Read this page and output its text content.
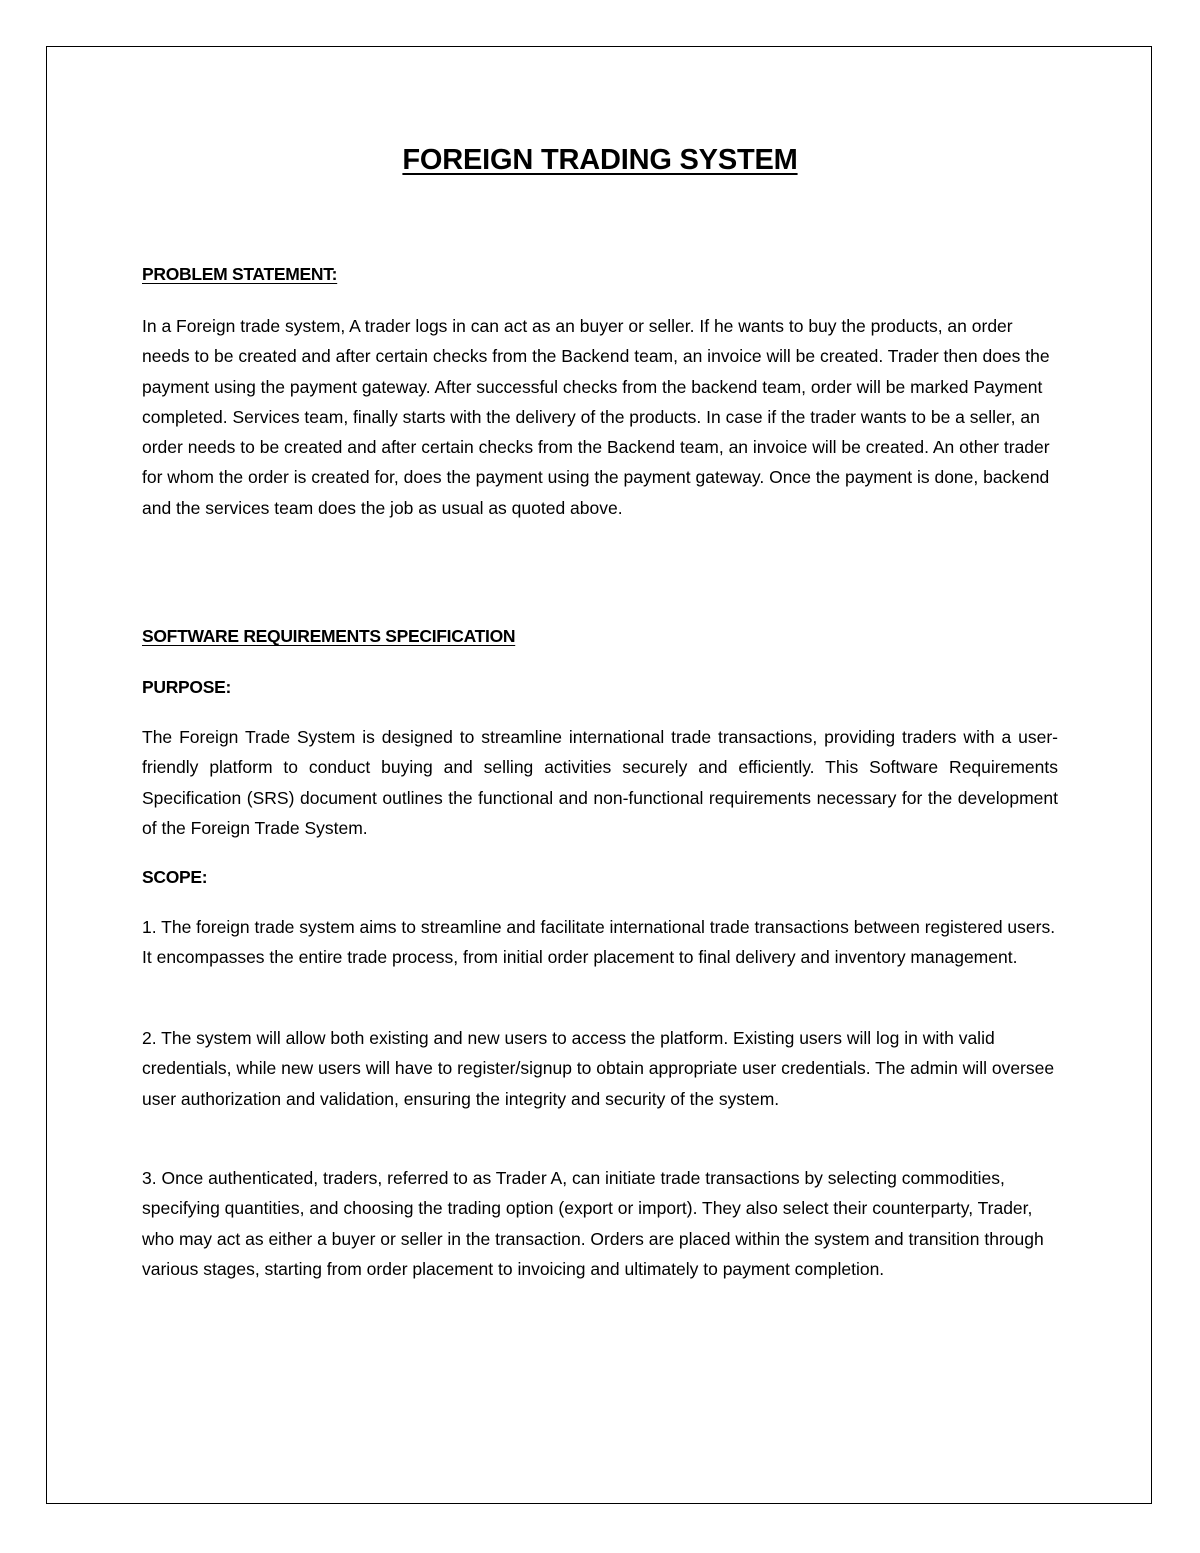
FOREIGN TRADING SYSTEM
PROBLEM STATEMENT:

In a Foreign trade system, A trader logs in can act as an buyer or seller. If he wants to buy the products, an order needs to be created and after certain checks from the Backend team, an invoice will be created. Trader then does the payment using the payment gateway. After successful checks from the backend team, order will be marked Payment completed. Services team, finally starts with the delivery of the products. In case if the trader wants to be a seller, an order needs to be created and after certain checks from the Backend team, an invoice will be created. An other trader for whom the order is created for, does the payment using the payment gateway. Once the payment is done, backend and the services team does the job as usual as quoted above.

SOFTWARE REQUIREMENTS SPECIFICATION
PURPOSE:

The Foreign Trade System is designed to streamline international trade transactions, providing traders with a user-friendly platform to conduct buying and selling activities securely and efficiently. This Software Requirements Specification (SRS) document outlines the functional and non-functional requirements necessary for the development of the Foreign Trade System.

SCOPE:

1. The foreign trade system aims to streamline and facilitate international trade transactions between registered users. It encompasses the entire trade process, from initial order placement to final delivery and inventory management.

2. The system will allow both existing and new users to access the platform. Existing users will log in with valid credentials, while new users will have to register/signup to obtain appropriate user credentials. The admin will oversee user authorization and validation, ensuring the integrity and security of the system.

3. Once authenticated, traders, referred to as Trader A, can initiate trade transactions by selecting commodities, specifying quantities, and choosing the trading option (export or import). They also select their counterparty, Trader, who may act as either a buyer or seller in the transaction. Orders are placed within the system and transition through various stages, starting from order placement to invoicing and ultimately to payment completion.
